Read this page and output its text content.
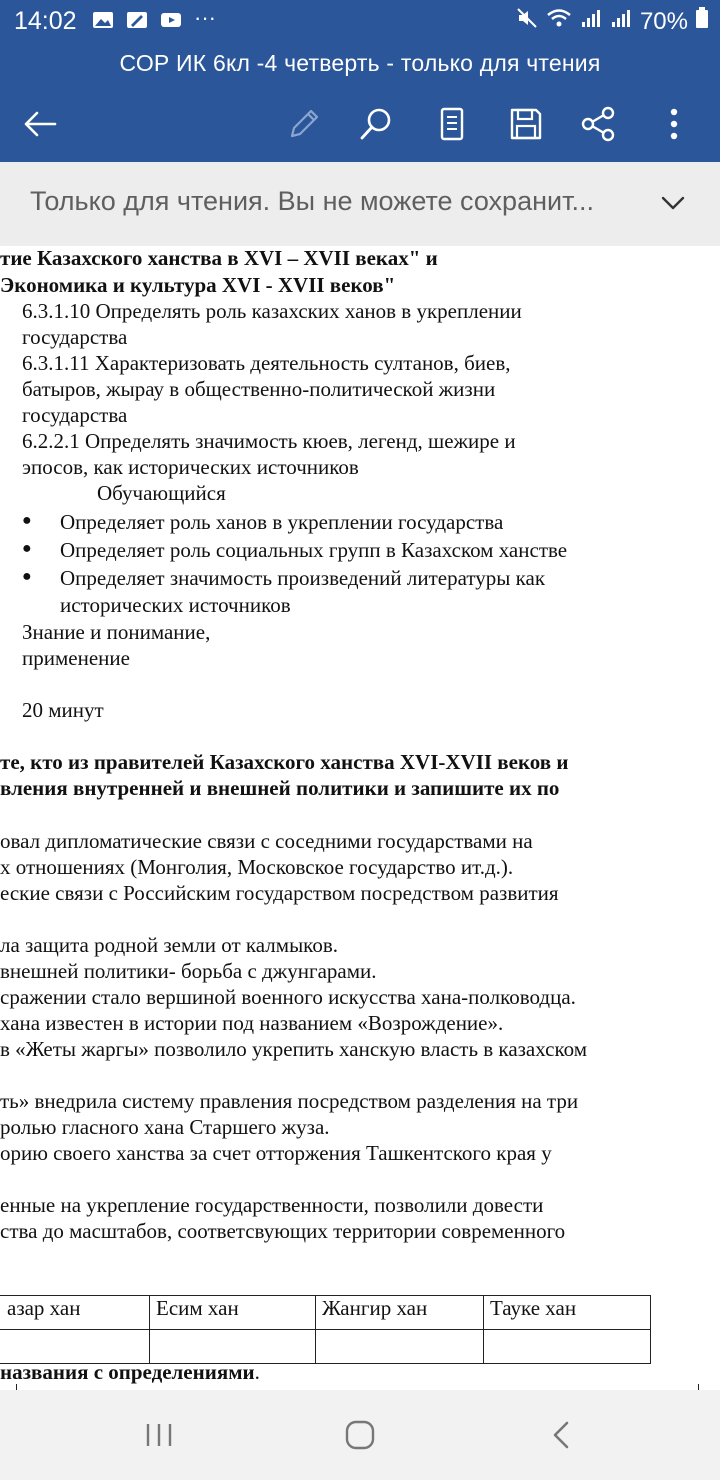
14:02	···	70%
СОР ИК 6кл -4 четверть - только для чтения
Только для чтения. Вы не можете сохранит...
тие Казахского ханства в XVI – XVII веках" и
Экономика и культура XVI - XVII веков"
6.3.1.10 Определять роль казахских ханов в укреплении
государства
6.3.1.11 Характеризовать деятельность султанов, биев,
батыров, жырау в общественно-политической жизни
государства
6.2.2.1 Определять значимость кюев, легенд, шежире и
эпосов, как исторических источников
Обучающийся
● Определяет роль ханов в укреплении государства
● Определяет роль социальных групп в Казахском ханстве
● Определяет значимость произведений литературы как
исторических источников
Знание и понимание,
применение
20 минут
те, кто из правителей Казахского ханства XVI-XVII веков и
вления внутренней и внешней политики и запишите их по
овал дипломатические связи с соседними государствами на
х отношениях (Монголия, Московское государство ит.д.).
еские связи с Российским государством посредством развития
ла защита родной земли от калмыков.
внешней политики- борьба с джунгарами.
сражении стало вершиной военного искусства хана-полководца.
хана известен в истории под названием «Возрождение».
в «Жеты жаргы» позволило укрепить ханскую власть в казахском
ть» внедрила систему правления посредством разделения на три
ролью гласного хана Старшего жуза.
орию своего ханства за счет отторжения Ташкентского края у
енные на укрепление государственности, позволили довести
ства до масштабов, соответсвующих территории современного
азар хан	Есим хан	Жангир хан	Тауке хан

названия с определениями.
